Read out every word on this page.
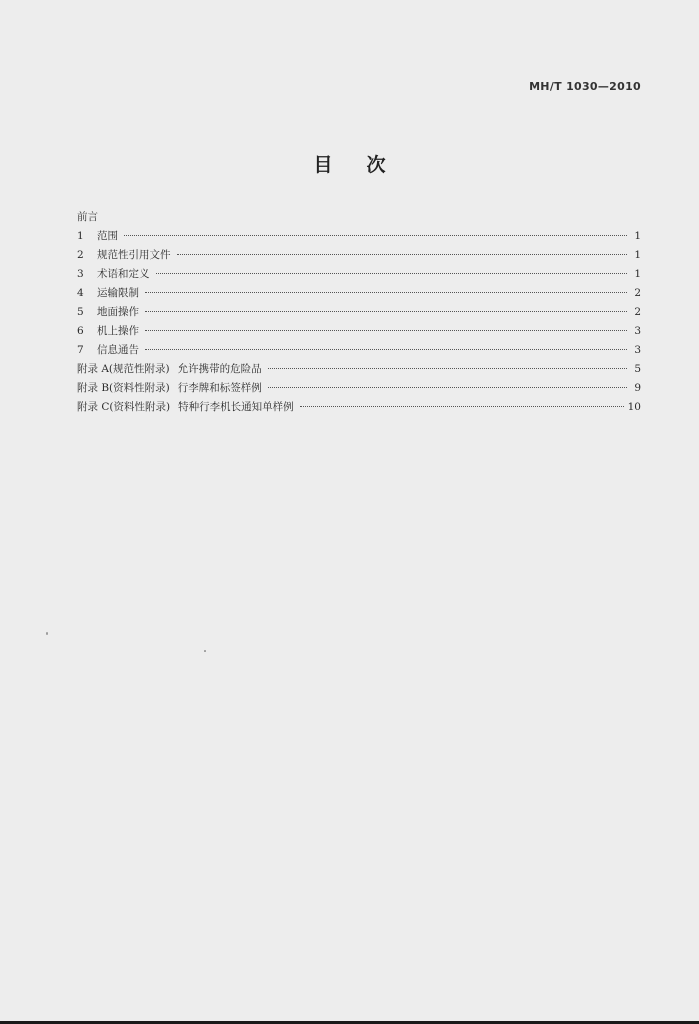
MH/T 1030—2010
目次
前言
1	范围	1
2	规范性引用文件	1
3	术语和定义	1
4	运输限制	2
5	地面操作	2
6	机上操作	3
7	信息通告	3
附录 A(规范性附录) 允许携带的危险品	5
附录 B(资料性附录) 行李牌和标签样例	9
附录 C(资料性附录) 特种行李机长通知单样例	10
